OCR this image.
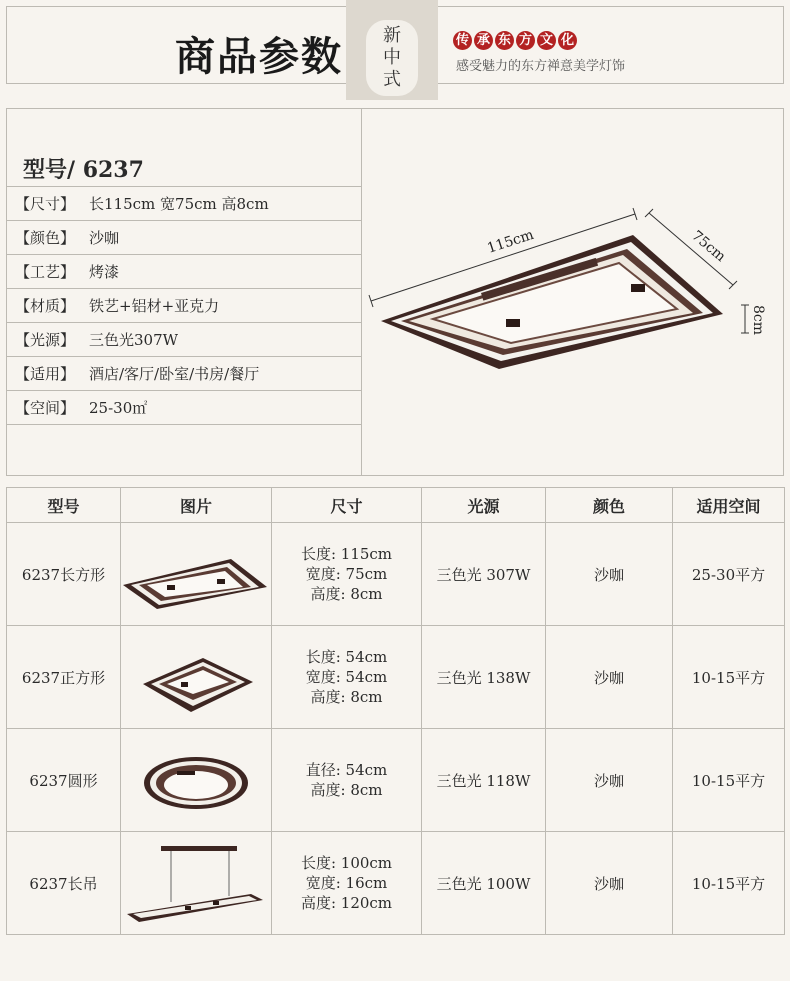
商品参数	传 承 东 方 文 化
感受魅力的东方禅意美学灯饰
新
中
式
型号/ 6237
【尺寸】 长115cm 宽75cm 高8cm
【颜色】 沙咖
【工艺】 烤漆
【材质】 铁艺+铝材+亚克力
【光源】 三色光307W
【适用】 酒店/客厅/卧室/书房/餐厅
【空间】 25-30㎡
115cm	75cm
8cm
型号	图片	尺寸	光源	颜色	适用空间
6237长方形		长度: 115cm
宽度: 75cm
高度: 8cm	三色光 307W	沙咖	25-30平方
6237正方形		长度: 54cm
宽度: 54cm
高度: 8cm	三色光 138W	沙咖	10-15平方
6237圆形		直径: 54cm
高度: 8cm	三色光 118W	沙咖	10-15平方
6237长吊		长度: 100cm
宽度: 16cm
高度: 120cm	三色光 100W	沙咖	10-15平方
